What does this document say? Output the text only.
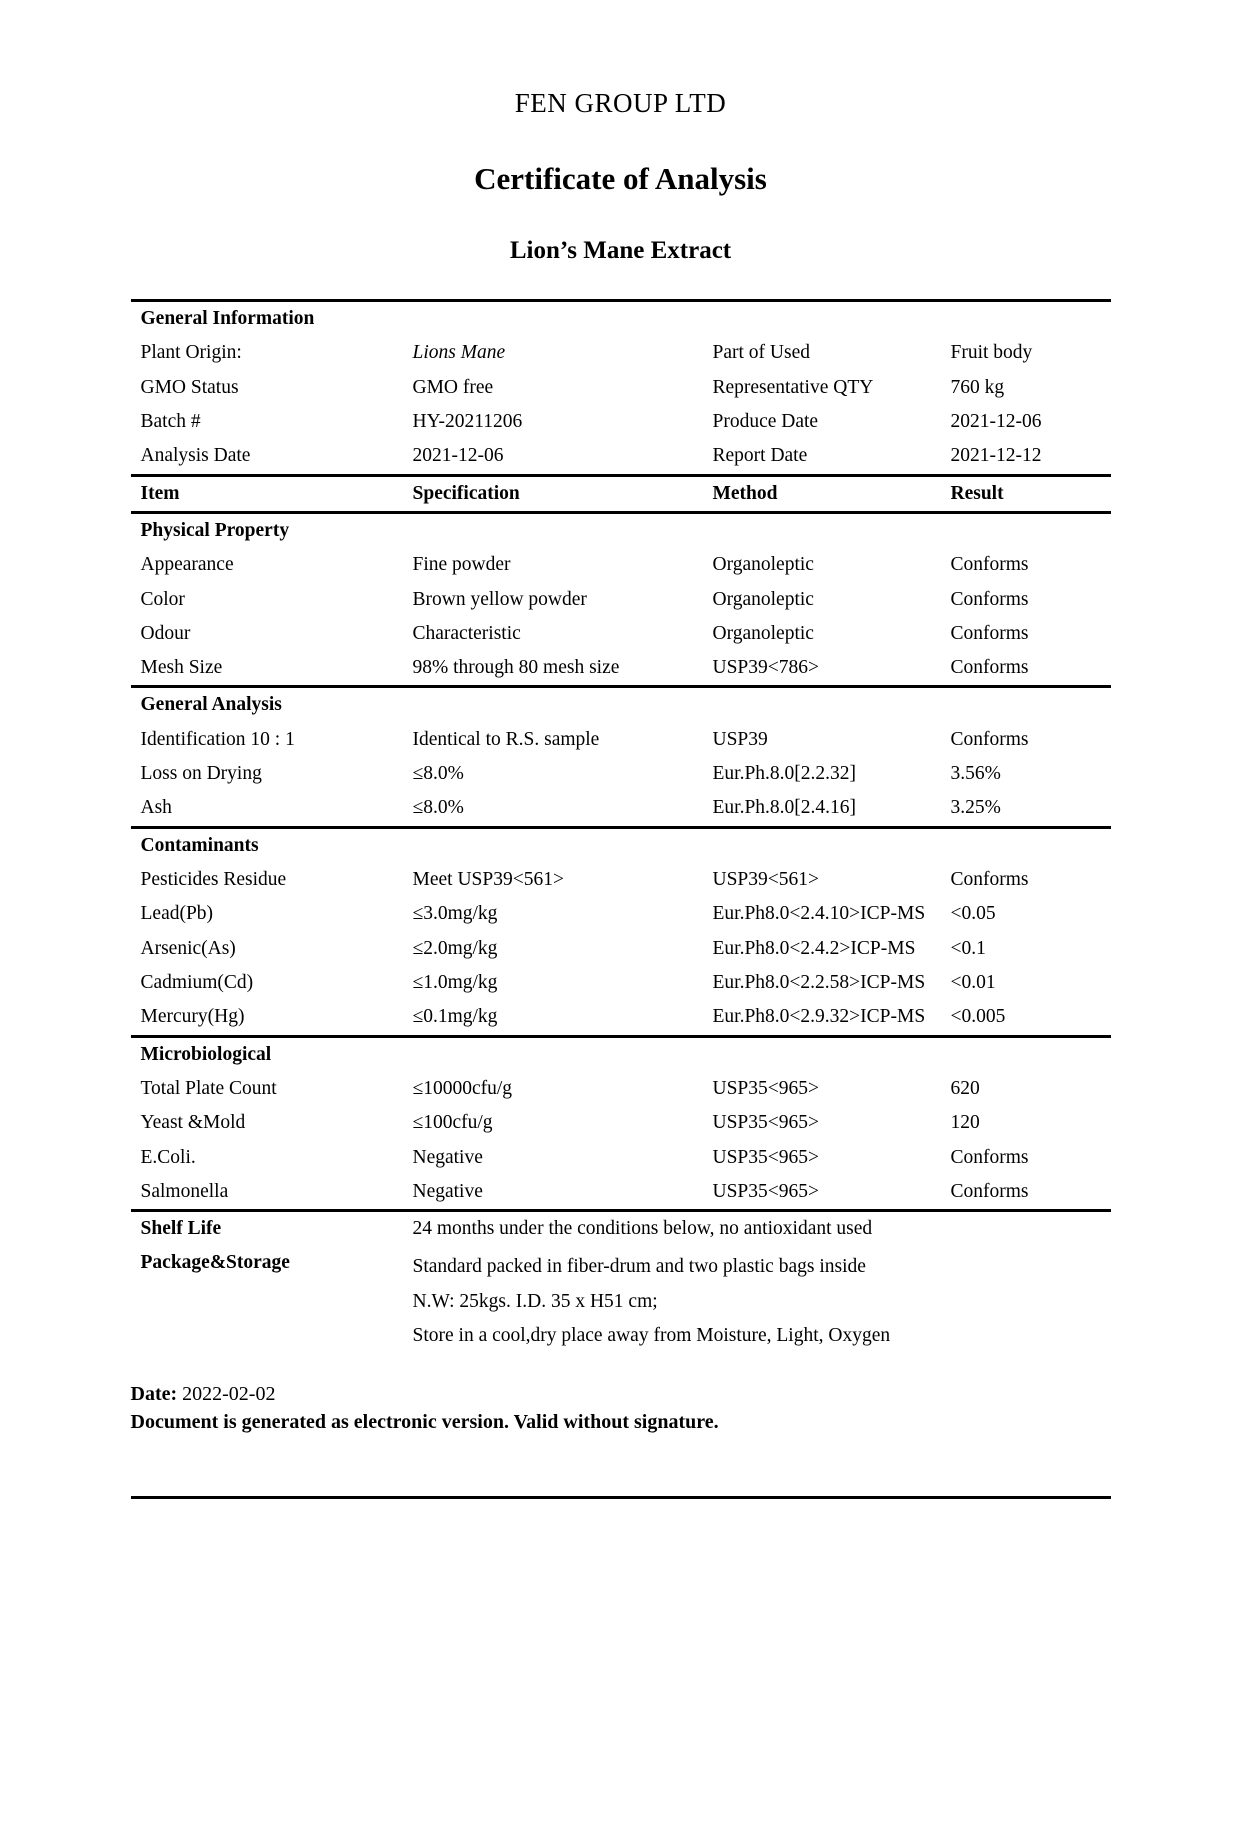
FEN GROUP LTD
Certificate of Analysis
Lion’s Mane Extract
General Information			
Plant Origin:	Lions Mane	Part of Used	Fruit body
GMO Status	GMO free	Representative QTY	760 kg
Batch #	HY-20211206	Produce Date	2021-12-06
Analysis Date	2021-12-06	Report Date	2021-12-12
Item	Specification	Method	Result
Physical Property			
Appearance	Fine powder	Organoleptic	Conforms
Color	Brown yellow powder	Organoleptic	Conforms
Odour	Characteristic	Organoleptic	Conforms
Mesh Size	98% through 80 mesh size	USP39<786>	Conforms
General Analysis			
Identification 10 : 1	Identical to R.S. sample	USP39	Conforms
Loss on Drying	≤8.0%	Eur.Ph.8.0[2.2.32]	3.56%
Ash	≤8.0%	Eur.Ph.8.0[2.4.16]	3.25%
Contaminants			
Pesticides Residue	Meet USP39<561>	USP39<561>	Conforms
Lead(Pb)	≤3.0mg/kg	Eur.Ph8.0<2.4.10>ICP-MS	<0.05
Arsenic(As)	≤2.0mg/kg	Eur.Ph8.0<2.4.2>ICP-MS	<0.1
Cadmium(Cd)	≤1.0mg/kg	Eur.Ph8.0<2.2.58>ICP-MS	<0.01
Mercury(Hg)	≤0.1mg/kg	Eur.Ph8.0<2.9.32>ICP-MS	<0.005
Microbiological			
Total Plate Count	≤10000cfu/g	USP35<965>	620
Yeast &Mold	≤100cfu/g	USP35<965>	120
E.Coli.	Negative	USP35<965>	Conforms
Salmonella	Negative	USP35<965>	Conforms
Shelf Life	24 months under the conditions below, no antioxidant used		
Package&Storage	Standard packed in fiber-drum and two plastic bags inside
N.W: 25kgs. I.D. 35 x H51 cm;
Store in a cool,dry place away from Moisture, Light, Oxygen		
Date: 2022-02-02
Document is generated as electronic version. Valid without signature.
